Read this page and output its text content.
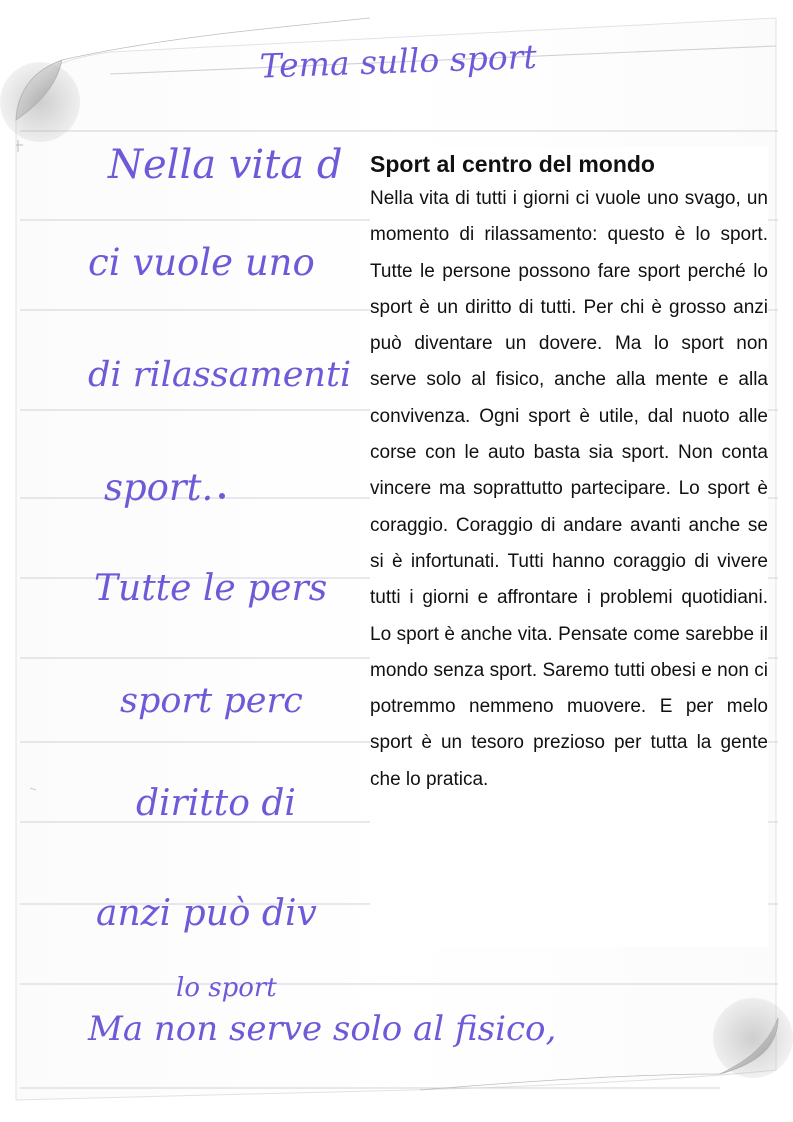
Tema sullo sport
Nella vita d
ci vuole uno
di rilassamenti
sport.
Tutte le pers
sport perc
diritto di
anzi può div
lo sport
Ma non serve solo al fisico,
Sport al centro del mondo

Nella vita di tutti i giorni ci vuole uno svago, un momento di rilassamento: questo è lo sport. Tutte le persone possono fare sport perché lo sport è un diritto di tutti. Per chi è grosso anzi può diventare un dovere. Ma lo sport non serve solo al fisico, anche alla mente e alla convivenza. Ogni sport è utile, dal nuoto alle corse con le auto basta sia sport. Non conta vincere ma soprattutto partecipare. Lo sport è coraggio. Coraggio di andare avanti anche se si è infortunati. Tutti hanno coraggio di vivere tutti i giorni e affrontare i problemi quotidiani. Lo sport è anche vita. Pensate come sarebbe il mondo senza sport. Saremo tutti obesi e non ci potremmo nemmeno muovere. E per melo sport è un tesoro prezioso per tutta la gente che lo pratica.
